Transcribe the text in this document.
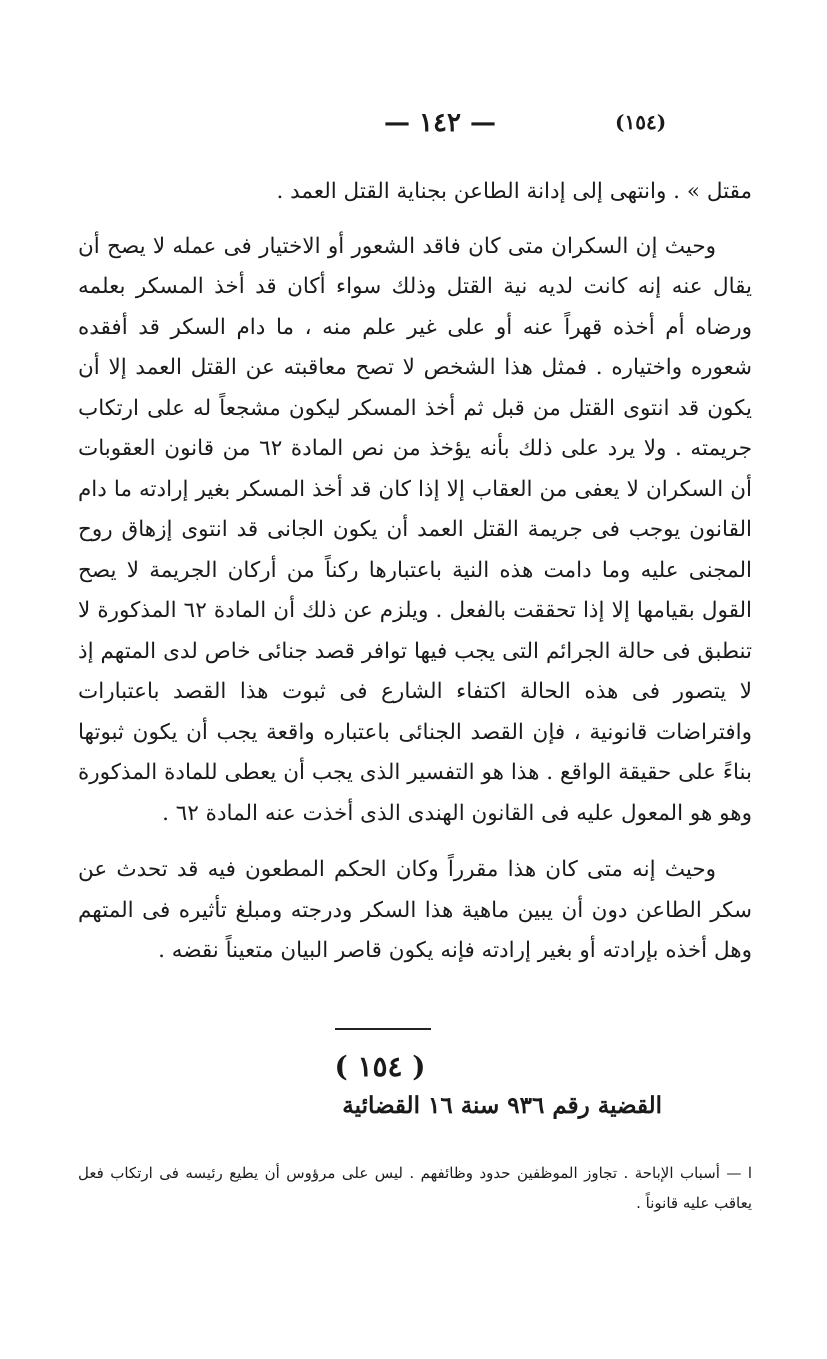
— ١٤٢ —	(١٥٤)

مقتل » . وانتهى إلى إدانة الطاعن بجناية القتل العمد .

وحيث إن السكران متى كان فاقد الشعور أو الاختيار فى عمله لا يصح أن يقال عنه إنه كانت لديه نية القتل وذلك سواء أكان قد أخذ المسكر بعلمه ورضاه أم أخذه قهراً عنه أو على غير علم منه ، ما دام السكر قد أفقده شعوره واختياره . فمثل هذا الشخص لا تصح معاقبته عن القتل العمد إلا أن يكون قد انتوى القتل من قبل ثم أخذ المسكر ليكون مشجعاً له على ارتكاب جريمته . ولا يرد على ذلك بأنه يؤخذ من نص المادة ٦٢ من قانون العقوبات أن السكران لا يعفى من العقاب إلا إذا كان قد أخذ المسكر بغير إرادته ما دام القانون يوجب فى جريمة القتل العمد أن يكون الجانى قد انتوى إزهاق روح المجنى عليه وما دامت هذه النية باعتبارها ركناً من أركان الجريمة لا يصح القول بقيامها إلا إذا تحققت بالفعل . ويلزم عن ذلك أن المادة ٦٢ المذكورة لا تنطبق فى حالة الجرائم التى يجب فيها توافر قصد جنائى خاص لدى المتهم إذ لا يتصور فى هذه الحالة اكتفاء الشارع فى ثبوت هذا القصد باعتبارات وافتراضات قانونية ، فإن القصد الجنائى باعتباره واقعة يجب أن يكون ثبوتها بناءً على حقيقة الواقع . هذا هو التفسير الذى يجب أن يعطى للمادة المذكورة وهو هو المعول عليه فى القانون الهندى الذى أخذت عنه المادة ٦٢ .

وحيث إنه متى كان هذا مقرراً وكان الحكم المطعون فيه قد تحدث عن سكر الطاعن دون أن يبين ماهية هذا السكر ودرجته ومبلغ تأثيره فى المتهم وهل أخذه بإرادته أو بغير إرادته فإنه يكون قاصر البيان متعيناً نقضه .

( ١٥٤ )
القضية رقم ٩٣٦ سنة ١٦ القضائية

ا — أسباب الإباحة . تجاوز الموظفين حدود وظائفهم . ليس على مرؤوس أن يطيع رئيسه فى ارتكاب فعل يعاقب عليه قانوناً .
